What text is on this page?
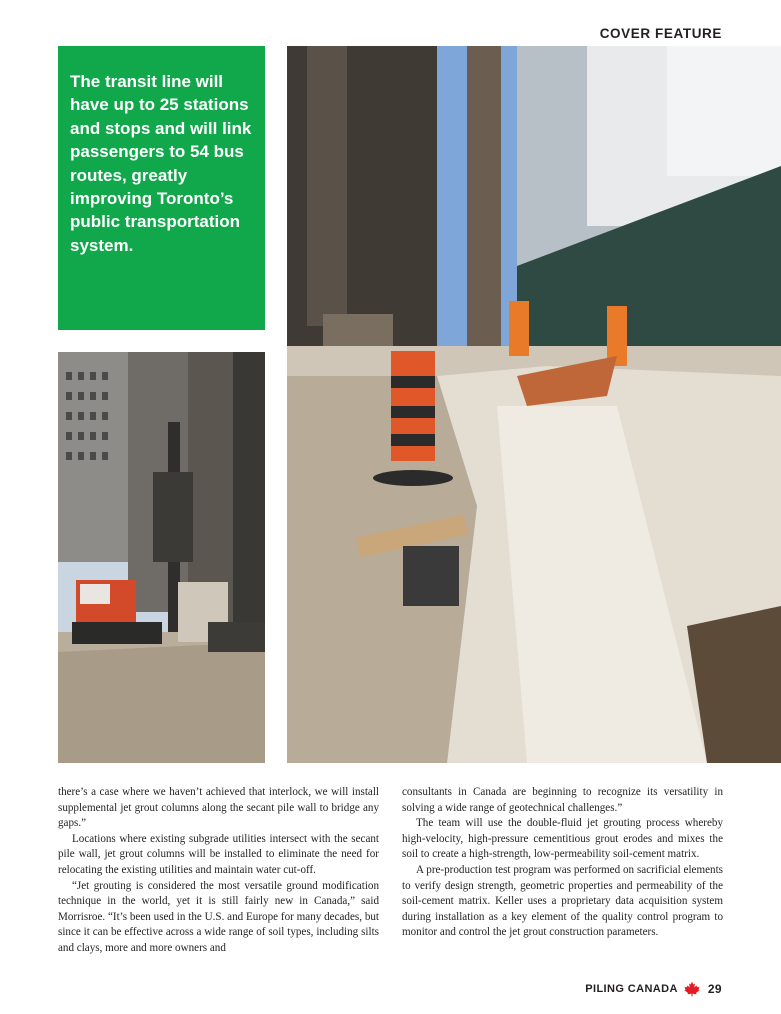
COVER FEATURE

The transit line will have up to 25 stations and stops and will link passengers to 54 bus routes, greatly improving Toronto’s public transportation system.

there’s a case where we haven’t achieved that interlock, we will install supplemental jet grout columns along the secant pile wall to bridge any gaps.”

Locations where existing subgrade utilities intersect with the secant pile wall, jet grout columns will be installed to eliminate the need for relocating the existing utilities and maintain water cut-off.

“Jet grouting is considered the most versatile ground modification technique in the world, yet it is still fairly new in Canada,” said Morrisroe. “It’s been used in the U.S. and Europe for many decades, but since it can be effective across a wide range of soil types, including silts and clays, more and more owners and

consultants in Canada are beginning to recognize its versatility in solving a wide range of geotechnical challenges.”

The team will use the double-fluid jet grouting process whereby high-velocity, high-pressure cementitious grout erodes and mixes the soil to create a high-strength, low-permeability soil-cement matrix.

A pre-production test program was performed on sacrificial elements to verify design strength, geometric properties and permeability of the soil-cement matrix. Keller uses a proprietary data acquisition system during installation as a key element of the quality control program to monitor and control the jet grout construction parameters.

PILING CANADA	29
